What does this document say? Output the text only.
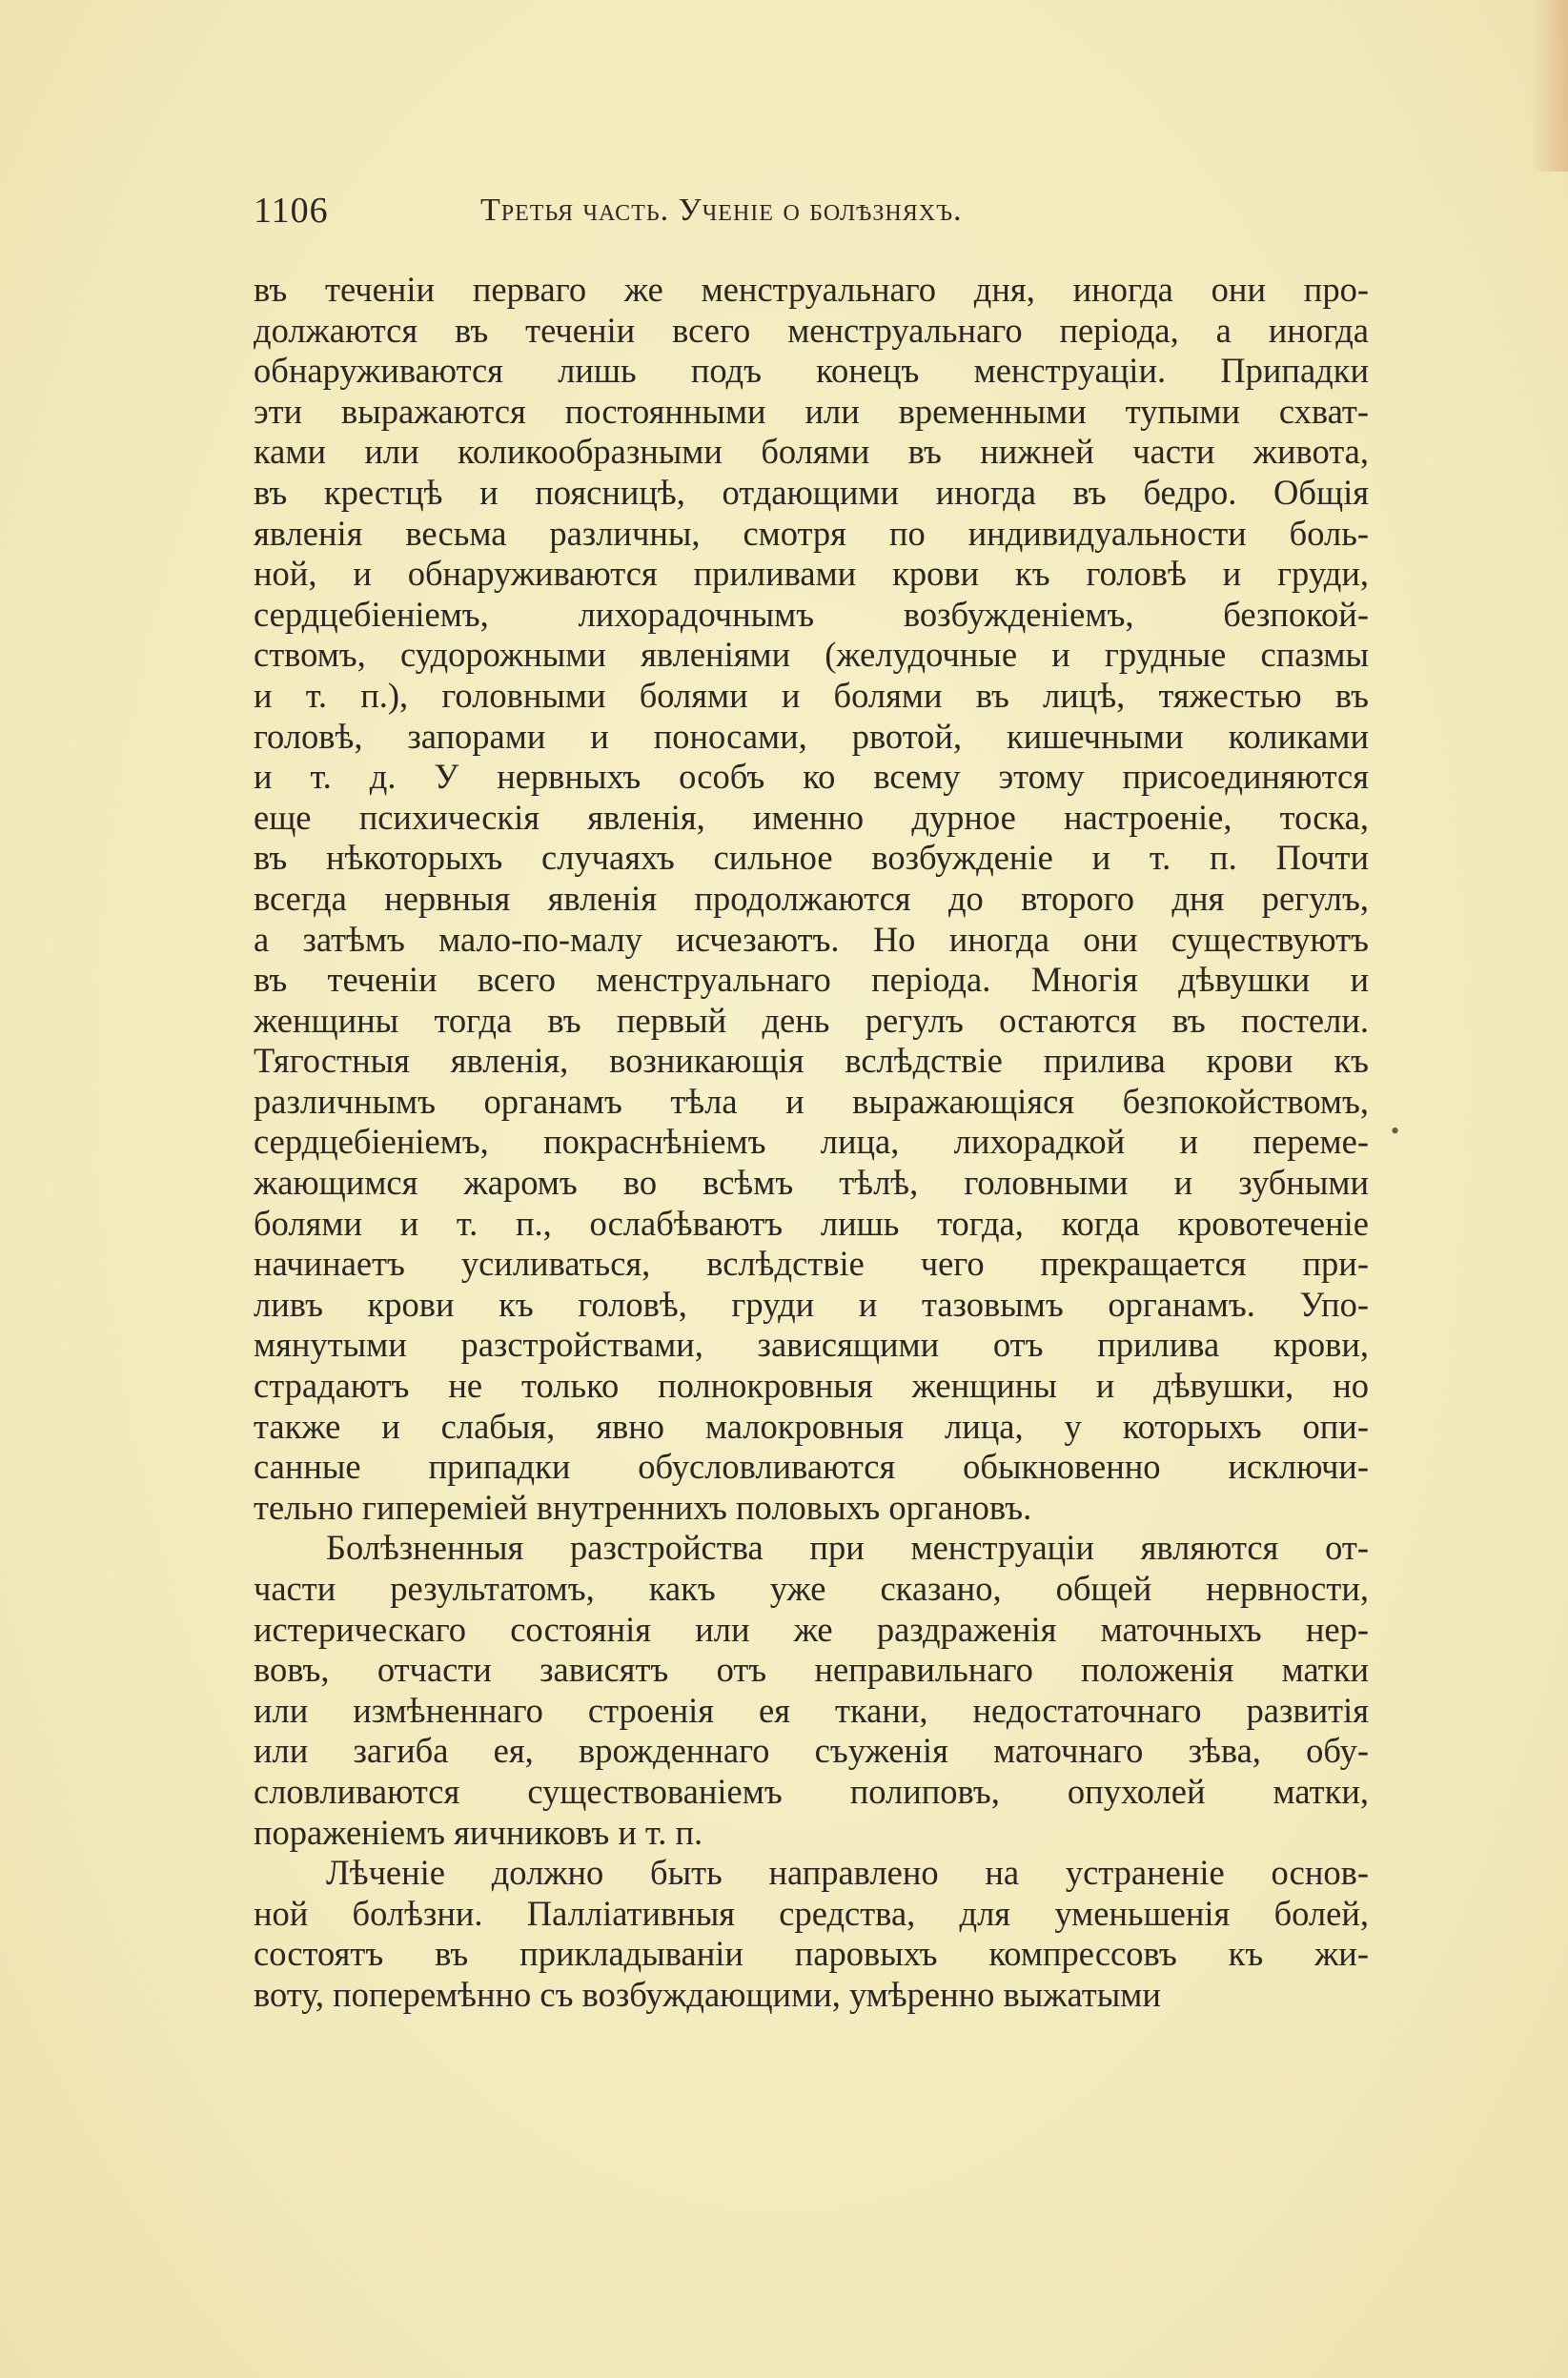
1106	Третья часть. Ученіе о болѣзняхъ.
въ теченіи перваго же менструальнаго дня, иногда они про-
должаются въ теченіи всего менструальнаго періода, а иногда
обнаруживаются лишь подъ конецъ менструаціи. Припадки
эти выражаются постоянными или временными тупыми схват-
ками или коликообразными болями въ нижней части живота,
въ крестцѣ и поясницѣ, отдающими иногда въ бедро. Общія
явленія весьма различны, смотря по индивидуальности боль-
ной, и обнаруживаются приливами крови къ головѣ и груди,
сердцебіеніемъ, лихорадочнымъ возбужденіемъ, безпокой-
ствомъ, судорожными явленіями (желудочные и грудные спазмы
и т. п.), головными болями и болями въ лицѣ, тяжестью въ
головѣ, запорами и поносами, рвотой, кишечными коликами
и т. д. У нервныхъ особъ ко всему этому присоединяются
еще психическія явленія, именно дурное настроеніе, тоска,
въ нѣкоторыхъ случаяхъ сильное возбужденіе и т. п. Почти
всегда нервныя явленія продолжаются до второго дня регулъ,
а затѣмъ мало-по-малу исчезаютъ. Но иногда они существуютъ
въ теченіи всего менструальнаго періода. Многія дѣвушки и
женщины тогда въ первый день регулъ остаются въ постели.
Тягостныя явленія, возникающія вслѣдствіе прилива крови къ
различнымъ органамъ тѣла и выражающіяся безпокойствомъ,
сердцебіеніемъ, покраснѣніемъ лица, лихорадкой и переме-
жающимся жаромъ во всѣмъ тѣлѣ, головными и зубными
болями и т. п., ослабѣваютъ лишь тогда, когда кровотеченіе
начинаетъ усиливаться, вслѣдствіе чего прекращается при-
ливъ крови къ головѣ, груди и тазовымъ органамъ. Упо-
мянутыми разстройствами, зависящими отъ прилива крови,
страдаютъ не только полнокровныя женщины и дѣвушки, но
также и слабыя, явно малокровныя лица, у которыхъ опи-
санные припадки обусловливаются обыкновенно исключи-
тельно гиперемiей внутреннихъ половыхъ органовъ.
Болѣзненныя разстройства при менструаціи являются от-
части результатомъ, какъ уже сказано, общей нервности,
истерическаго состоянія или же раздраженія маточныхъ нер-
вовъ, отчасти зависятъ отъ неправильнаго положенія матки
или измѣненнаго строенія ея ткани, недостаточнаго развитія
или загиба ея, врожденнаго съуженія маточнаго зѣва, обу-
словливаются существованіемъ полиповъ, опухолей матки,
пораженіемъ яичниковъ и т. п.
Лѣченіе должно быть направлено на устраненіе основ-
ной болѣзни. Палліативныя средства, для уменьшенія болей,
состоятъ въ прикладываніи паровыхъ компрессовъ къ жи-
воту, поперемѣнно съ возбуждающими, умѣренно выжатыми
•
